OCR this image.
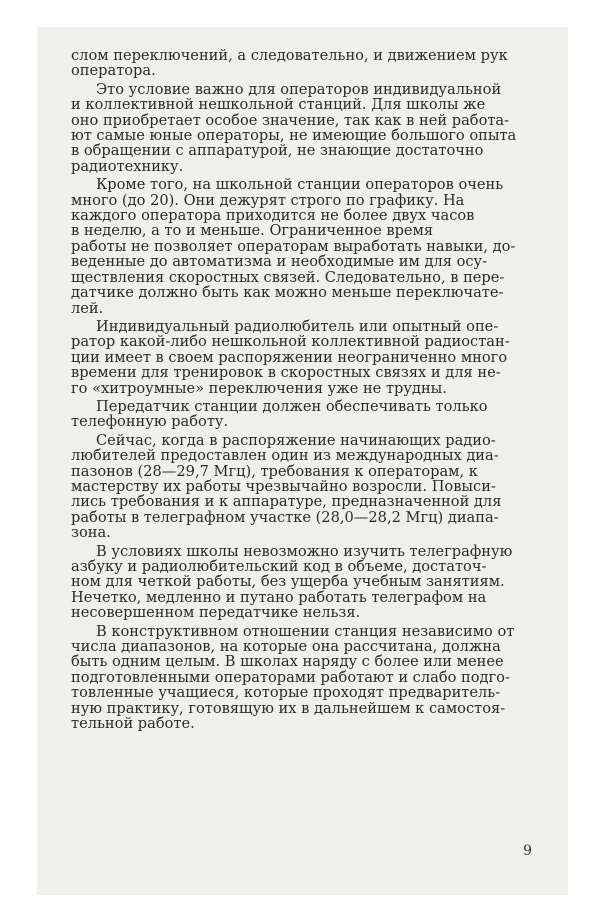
слом переключений, а следовательно, и движением рук
оператора.
Это условие важно для операторов индивидуальной
и коллективной нешкольной станций. Для школы же
оно приобретает особое значение, так как в ней работа-
ют самые юные операторы, не имеющие большого опыта
в обращении с аппаратурой, не знающие достаточно
радиотехнику.
Кроме того, на школьной станции операторов очень
много (до 20). Они дежурят строго по графику. На
каждого оператора приходится не более двух часов
в неделю, а то и меньше. Ограниченное время
работы не позволяет операторам выработать навыки, до-
веденные до автоматизма и необходимые им для осу-
ществления скоростных связей. Следовательно, в пере-
датчике должно быть как можно меньше переключате-
лей.
Индивидуальный радиолюбитель или опытный опе-
ратор какой-либо нешкольной коллективной радиостан-
ции имеет в своем распоряжении неограниченно много
времени для тренировок в скоростных связях и для не-
го «хитроумные» переключения уже не трудны.
Передатчик станции должен обеспечивать только
телефонную работу.
Сейчас, когда в распоряжение начинающих радио-
любителей предоставлен один из международных диа-
пазонов (28—29,7 Мгц), требования к операторам, к
мастерству их работы чрезвычайно возросли. Повыси-
лись требования и к аппаратуре, предназначенной для
работы в телеграфном участке (28,0—28,2 Мгц) диапа-
зона.
В условиях школы невозможно изучить телеграфную
азбуку и радиолюбительский код в объеме, достаточ-
ном для четкой работы, без ущерба учебным занятиям.
Нечетко, медленно и путано работать телеграфом на
несовершенном передатчике нельзя.
В конструктивном отношении станция независимо от
числа диапазонов, на которые она рассчитана, должна
быть одним целым. В школах наряду с более или менее
подготовленными операторами работают и слабо подго-
товленные учащиеся, которые проходят предваритель-
ную практику, готовящую их в дальнейшем к самостоя-
тельной работе.
9
